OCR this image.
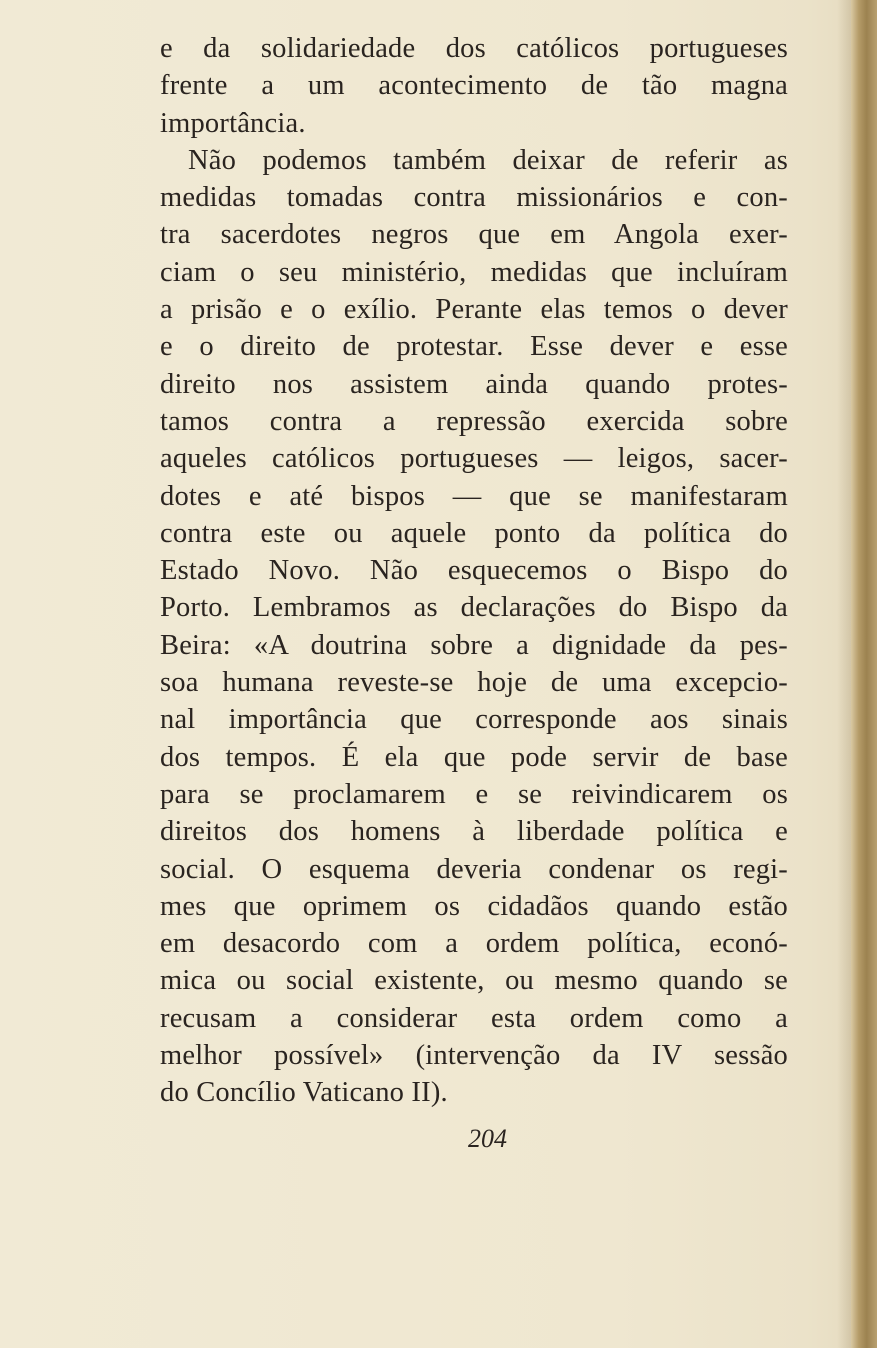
e da solidariedade dos católicos portugueses
frente a um acontecimento de tão magna
importância.
Não podemos também deixar de referir as
medidas tomadas contra missionários e con-
tra sacerdotes negros que em Angola exer-
ciam o seu ministério, medidas que incluíram
a prisão e o exílio. Perante elas temos o dever
e o direito de protestar. Esse dever e esse
direito nos assistem ainda quando protes-
tamos contra a repressão exercida sobre
aqueles católicos portugueses — leigos, sacer-
dotes e até bispos — que se manifestaram
contra este ou aquele ponto da política do
Estado Novo. Não esquecemos o Bispo do
Porto. Lembramos as declarações do Bispo da
Beira: «A doutrina sobre a dignidade da pes-
soa humana reveste-se hoje de uma excepcio-
nal importância que corresponde aos sinais
dos tempos. É ela que pode servir de base
para se proclamarem e se reivindicarem os
direitos dos homens à liberdade política e
social. O esquema deveria condenar os regi-
mes que oprimem os cidadãos quando estão
em desacordo com a ordem política, econó-
mica ou social existente, ou mesmo quando se
recusam a considerar esta ordem como a
melhor possível» (intervenção da IV sessão
do Concílio Vaticano II).
204
